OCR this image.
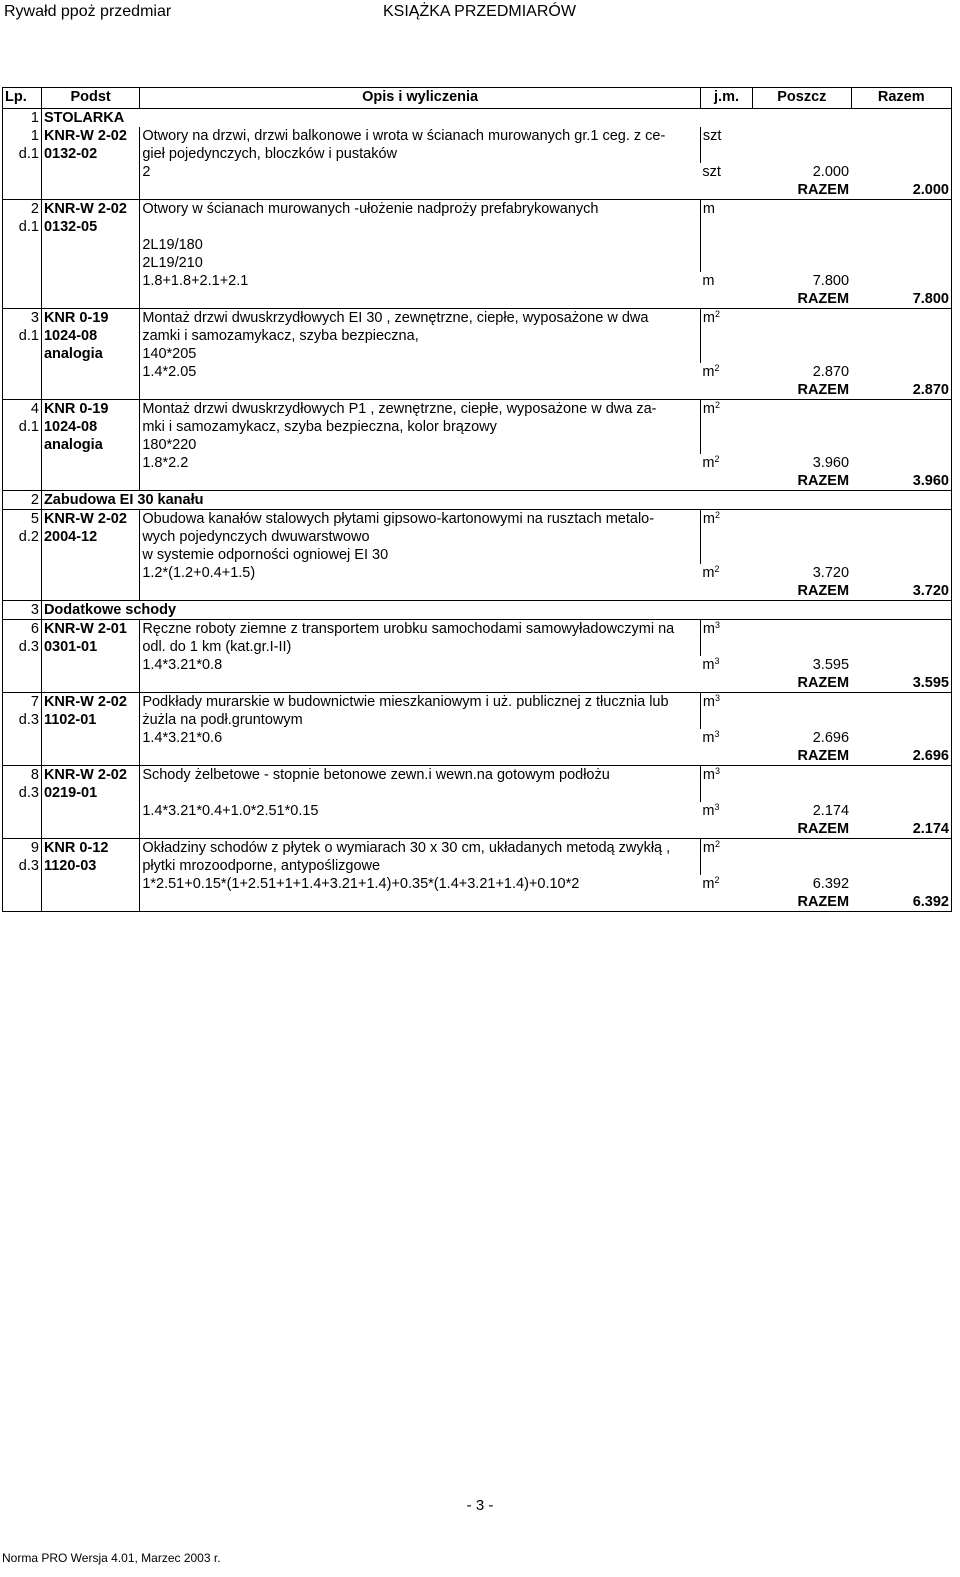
Rywałd ppoż przedmiar	KSIĄŻKA PRZEDMIARÓW
Lp.	Podst	Opis i wyliczenia	j.m.	Poszcz	Razem
1	STOLARKA				
1	KNR-W 2-02	Otwory na drzwi, drzwi balkonowe i wrota w ścianach murowanych gr.1 ceg. z ce-	szt		
d.1	0132-02	gieł pojedynczych, bloczków i pustaków			
		2	szt	2.000	
				RAZEM	2.000
2	KNR-W 2-02	Otwory w ścianach murowanych -ułożenie nadproży prefabrykowanych	m		
d.1	0132-05				
		2L19/180			
		2L19/210			
		1.8+1.8+2.1+2.1	m	7.800	
				RAZEM	7.800
3	KNR 0-19	Montaż drzwi dwuskrzydłowych EI 30 , zewnętrzne, ciepłe, wyposażone w dwa	$m^2$		
d.1	1024-08	zamki i samozamykacz, szyba bezpieczna,			
	analogia	140*205			
		1.4*2.05	$m^2$	2.870	
				RAZEM	2.870
4	KNR 0-19	Montaż drzwi dwuskrzydłowych P1 , zewnętrzne, ciepłe, wyposażone w dwa za-	$m^2$		
d.1	1024-08	mki i samozamykacz, szyba bezpieczna, kolor brązowy			
	analogia	180*220			
		1.8*2.2	$m^2$	3.960	
				RAZEM	3.960
2	Zabudowa EI 30 kanału				
5	KNR-W 2-02	Obudowa kanałów stalowych płytami gipsowo-kartonowymi na rusztach metalo-	$m^2$		
d.2	2004-12	wych pojedynczych dwuwarstwowo			
		w systemie odporności ogniowej EI 30			
		1.2*(1.2+0.4+1.5)	$m^2$	3.720	
				RAZEM	3.720
3	Dodatkowe schody				
6	KNR-W 2-01	Ręczne roboty ziemne z transportem urobku samochodami samowyładowczymi na	$m^3$		
d.3	0301-01	odl. do 1 km (kat.gr.I-II)			
		1.4*3.21*0.8	$m^3$	3.595	
				RAZEM	3.595
7	KNR-W 2-02	Podkłady murarskie w budownictwie mieszkaniowym i uż. publicznej z tłucznia lub	$m^3$		
d.3	1102-01	żużla na podł.gruntowym			
		1.4*3.21*0.6	$m^3$	2.696	
				RAZEM	2.696
8	KNR-W 2-02	Schody żelbetowe - stopnie betonowe zewn.i wewn.na gotowym podłożu	$m^3$		
d.3	0219-01				
		1.4*3.21*0.4+1.0*2.51*0.15	$m^3$	2.174	
				RAZEM	2.174
9	KNR 0-12	Okładziny schodów z płytek o wymiarach 30 x 30 cm, układanych metodą zwykłą ,	$m^2$		
d.3	1120-03	płytki mrozoodporne, antypoślizgowe			
		1*2.51+0.15*(1+2.51+1+1.4+3.21+1.4)+0.35*(1.4+3.21+1.4)+0.10*2	$m^2$	6.392	
				RAZEM	6.392
- 3 -
Norma PRO Wersja 4.01, Marzec 2003 r.
